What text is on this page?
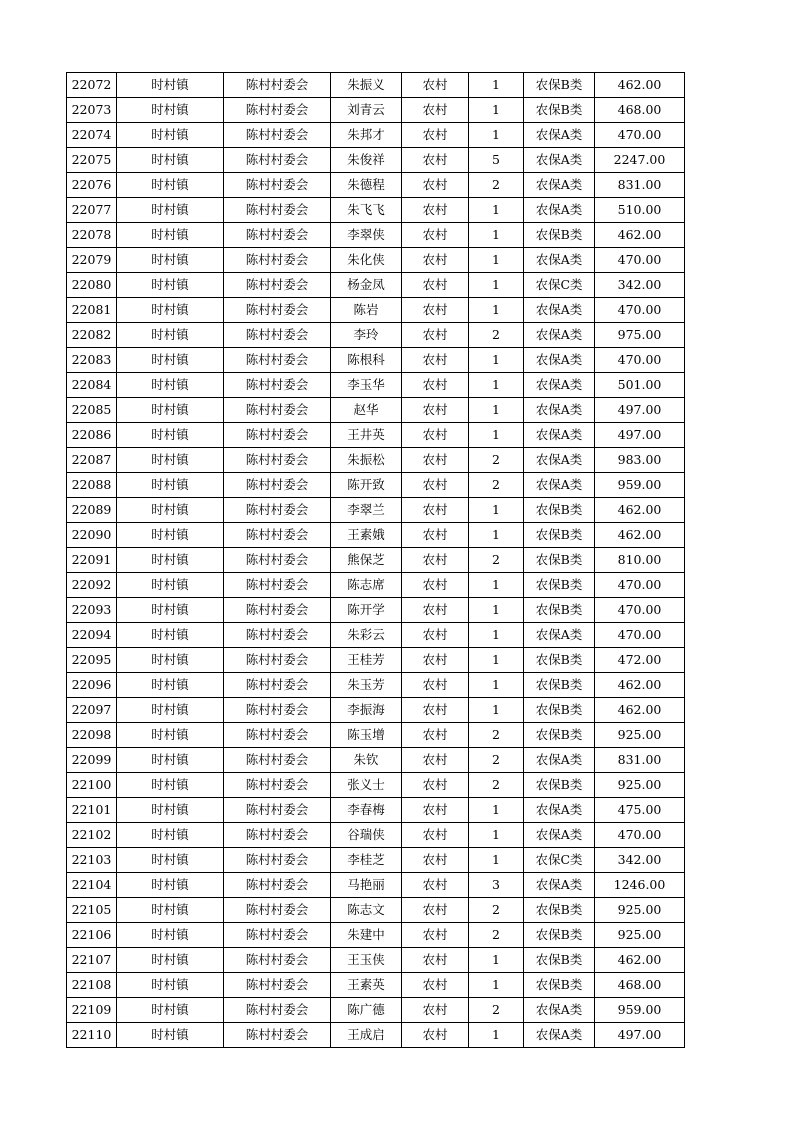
22072	时村镇	陈村村委会	朱振义	农村	1	农保B类	462.00
22073	时村镇	陈村村委会	刘青云	农村	1	农保B类	468.00
22074	时村镇	陈村村委会	朱邦才	农村	1	农保A类	470.00
22075	时村镇	陈村村委会	朱俊祥	农村	5	农保A类	2247.00
22076	时村镇	陈村村委会	朱德程	农村	2	农保A类	831.00
22077	时村镇	陈村村委会	朱飞飞	农村	1	农保A类	510.00
22078	时村镇	陈村村委会	李翠侠	农村	1	农保B类	462.00
22079	时村镇	陈村村委会	朱化侠	农村	1	农保A类	470.00
22080	时村镇	陈村村委会	杨金凤	农村	1	农保C类	342.00
22081	时村镇	陈村村委会	陈岩	农村	1	农保A类	470.00
22082	时村镇	陈村村委会	李玲	农村	2	农保A类	975.00
22083	时村镇	陈村村委会	陈根科	农村	1	农保A类	470.00
22084	时村镇	陈村村委会	李玉华	农村	1	农保A类	501.00
22085	时村镇	陈村村委会	赵华	农村	1	农保A类	497.00
22086	时村镇	陈村村委会	王井英	农村	1	农保A类	497.00
22087	时村镇	陈村村委会	朱振松	农村	2	农保A类	983.00
22088	时村镇	陈村村委会	陈开致	农村	2	农保A类	959.00
22089	时村镇	陈村村委会	李翠兰	农村	1	农保B类	462.00
22090	时村镇	陈村村委会	王素娥	农村	1	农保B类	462.00
22091	时村镇	陈村村委会	熊保芝	农村	2	农保B类	810.00
22092	时村镇	陈村村委会	陈志席	农村	1	农保B类	470.00
22093	时村镇	陈村村委会	陈开学	农村	1	农保B类	470.00
22094	时村镇	陈村村委会	朱彩云	农村	1	农保A类	470.00
22095	时村镇	陈村村委会	王桂芳	农村	1	农保B类	472.00
22096	时村镇	陈村村委会	朱玉芳	农村	1	农保B类	462.00
22097	时村镇	陈村村委会	李振海	农村	1	农保B类	462.00
22098	时村镇	陈村村委会	陈玉增	农村	2	农保B类	925.00
22099	时村镇	陈村村委会	朱钦	农村	2	农保A类	831.00
22100	时村镇	陈村村委会	张义士	农村	2	农保B类	925.00
22101	时村镇	陈村村委会	李春梅	农村	1	农保A类	475.00
22102	时村镇	陈村村委会	谷瑞侠	农村	1	农保A类	470.00
22103	时村镇	陈村村委会	李桂芝	农村	1	农保C类	342.00
22104	时村镇	陈村村委会	马艳丽	农村	3	农保A类	1246.00
22105	时村镇	陈村村委会	陈志文	农村	2	农保B类	925.00
22106	时村镇	陈村村委会	朱建中	农村	2	农保B类	925.00
22107	时村镇	陈村村委会	王玉侠	农村	1	农保B类	462.00
22108	时村镇	陈村村委会	王素英	农村	1	农保B类	468.00
22109	时村镇	陈村村委会	陈广德	农村	2	农保A类	959.00
22110	时村镇	陈村村委会	王成启	农村	1	农保A类	497.00
